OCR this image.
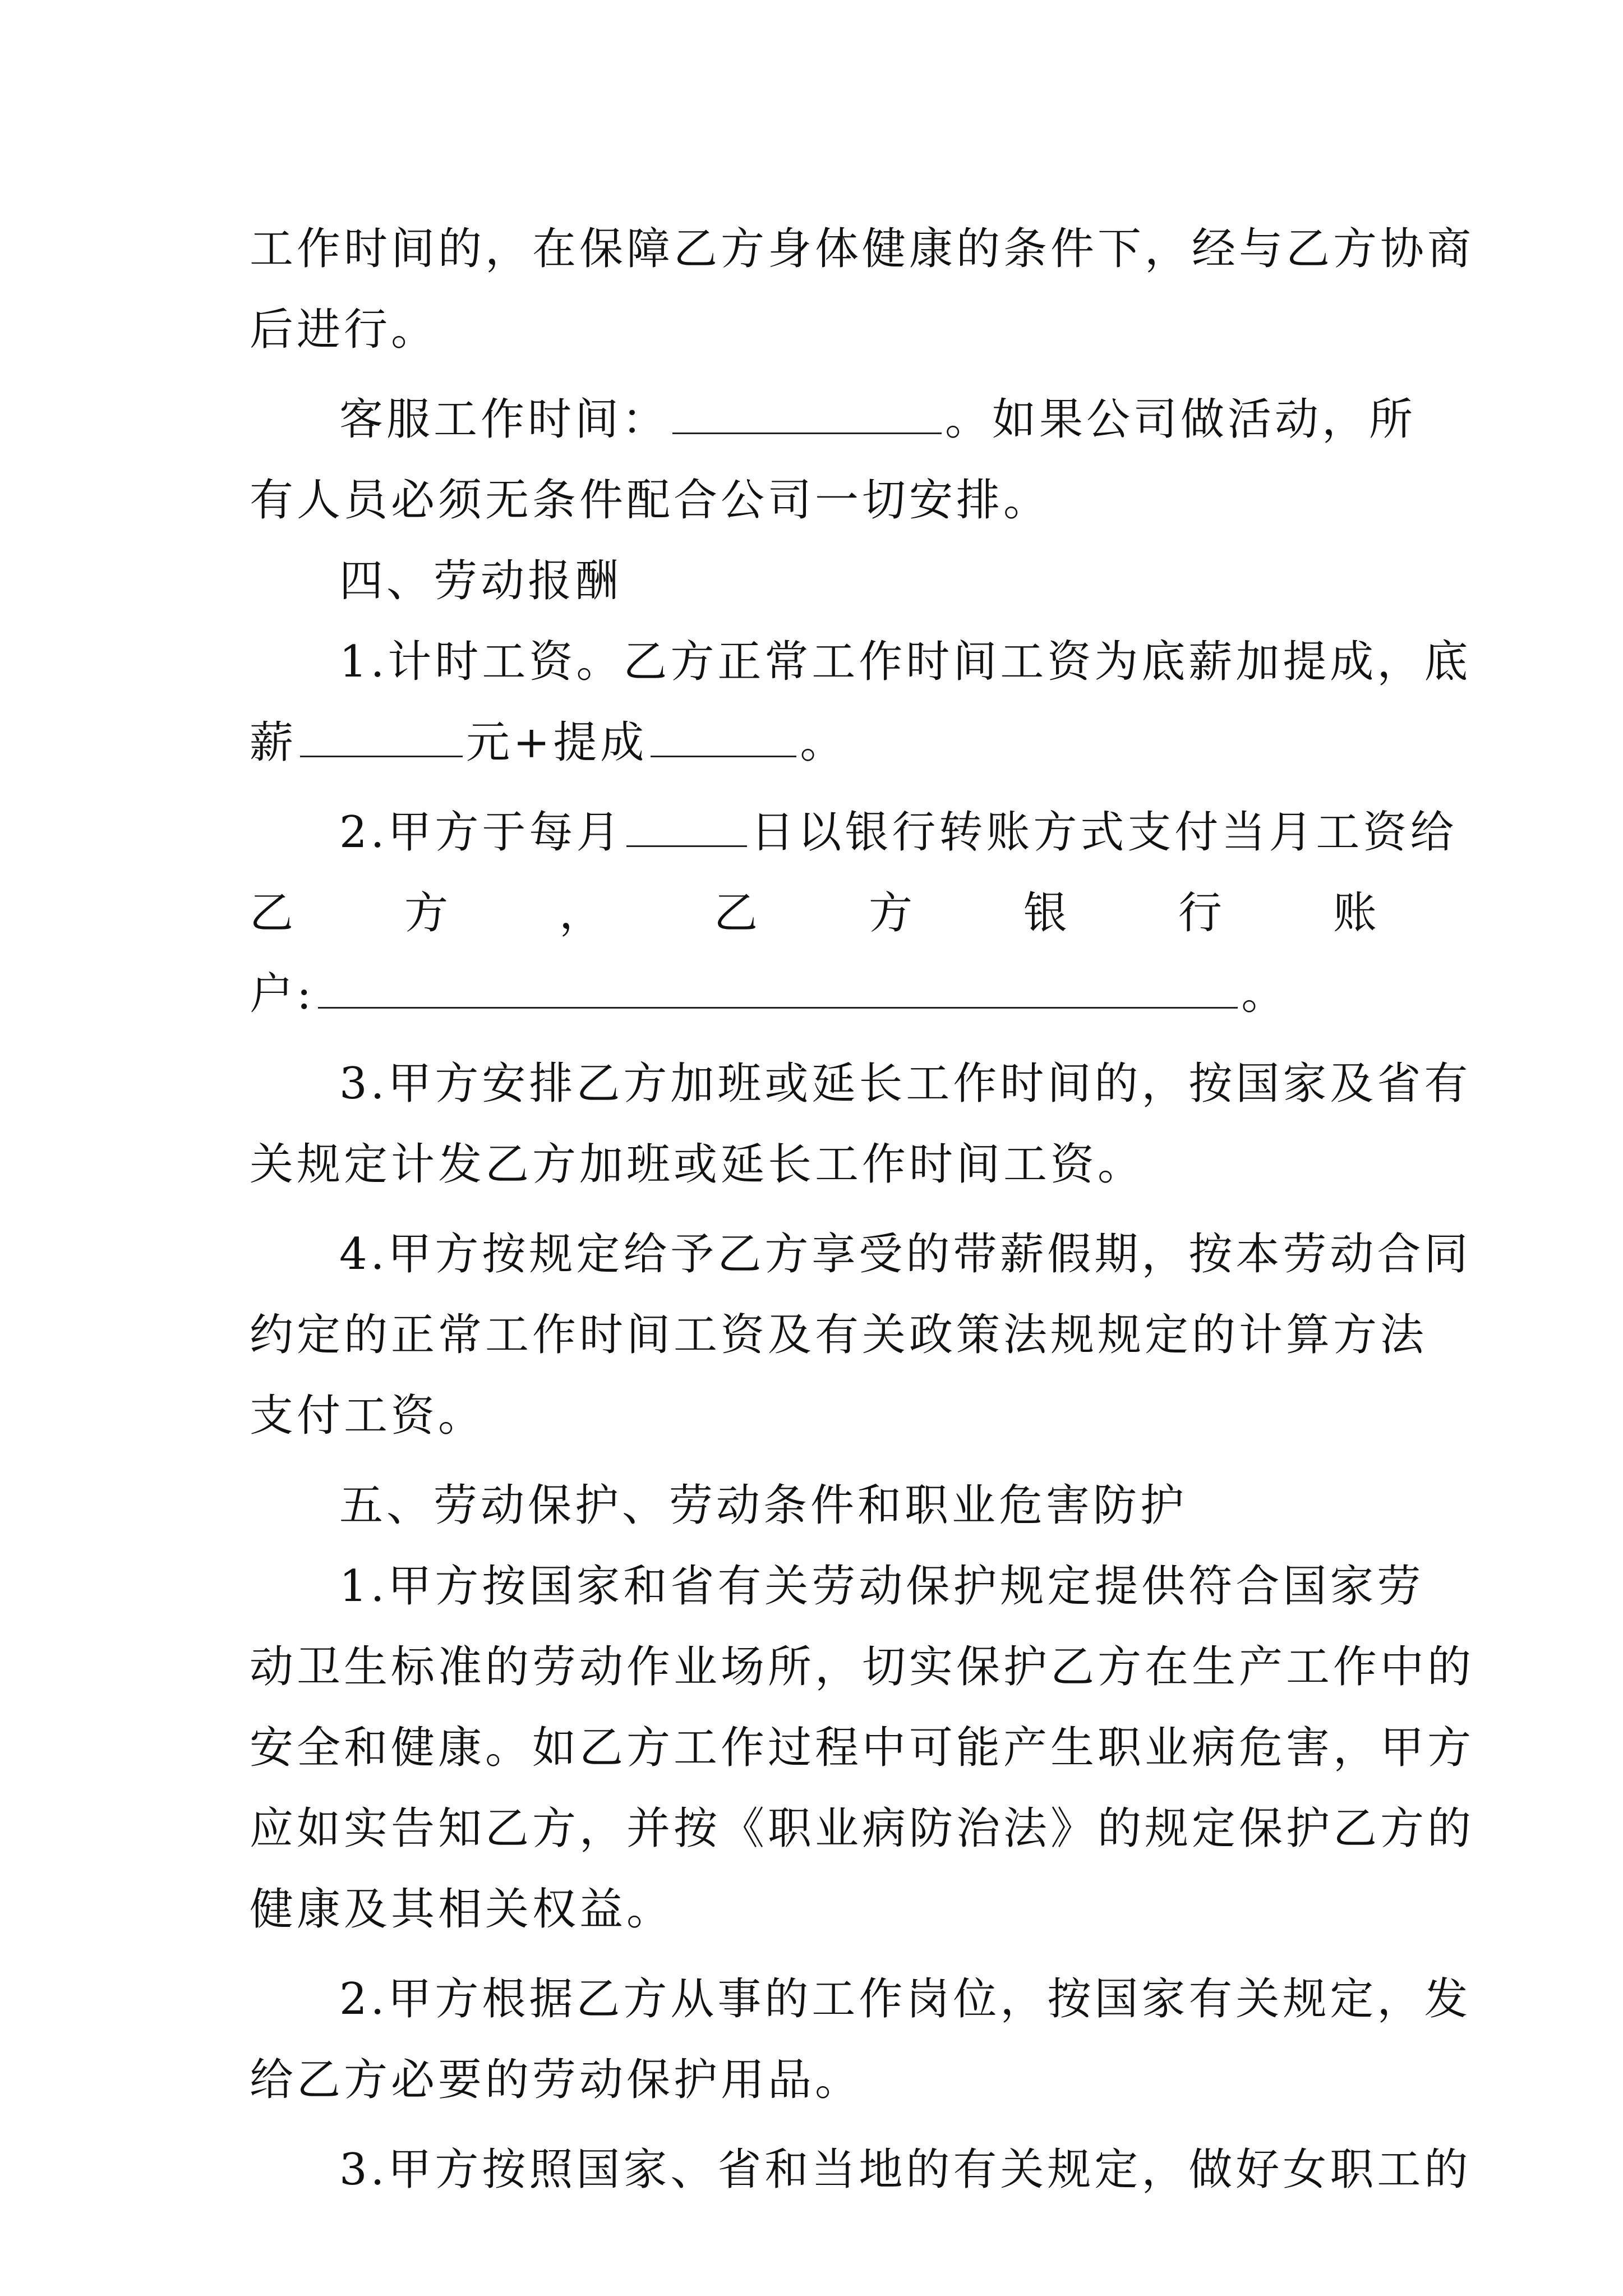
工作时间的，在保障乙方身体健康的条件下，经与乙方协商
后进行。
客服工作时间：	。如果公司做活动，所
有人员必须无条件配合公司一切安排。
四、劳动报酬
1.计时工资。乙方正常工作时间工资为底薪加提成，底
薪	元+提成	。
2.甲方于每月	日以银行转账方式支付当月工资给
乙 方 ， 乙 方 银 行 账
户:	。
3.甲方安排乙方加班或延长工作时间的，按国家及省有
关规定计发乙方加班或延长工作时间工资。
4.甲方按规定给予乙方享受的带薪假期，按本劳动合同
约定的正常工作时间工资及有关政策法规规定的计算方法
支付工资。
五、劳动保护、劳动条件和职业危害防护
1.甲方按国家和省有关劳动保护规定提供符合国家劳
动卫生标准的劳动作业场所，切实保护乙方在生产工作中的
安全和健康。如乙方工作过程中可能产生职业病危害，甲方
应如实告知乙方，并按《职业病防治法》的规定保护乙方的
健康及其相关权益。
2.甲方根据乙方从事的工作岗位，按国家有关规定，发
给乙方必要的劳动保护用品。
3.甲方按照国家、省和当地的有关规定，做好女职工的
